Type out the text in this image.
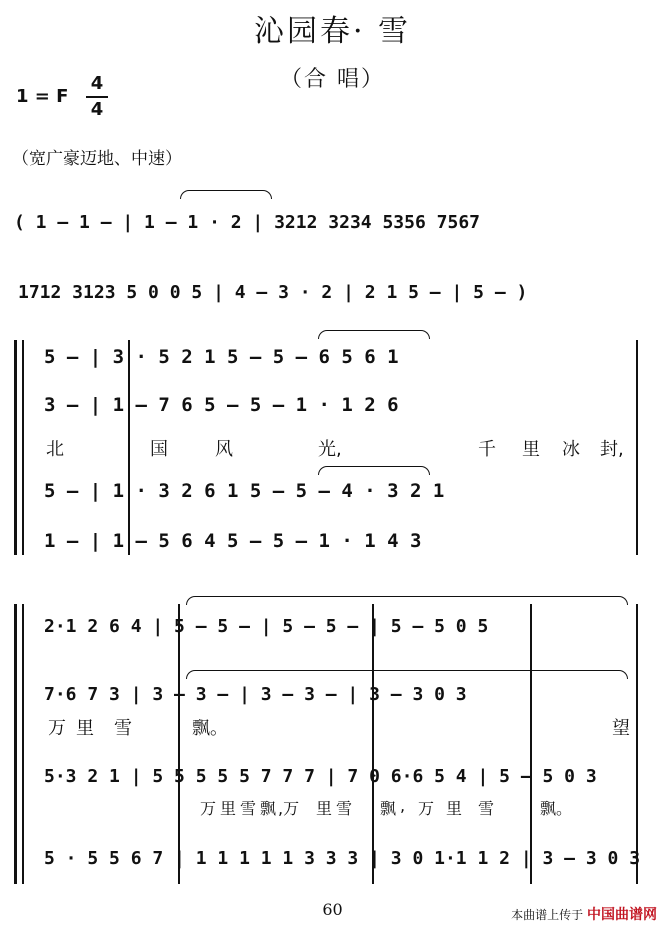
沁园春· 雪
（合 唱）
1 = F
4
4
（宽广豪迈地、中速）
( 1 – 1 – | 1 – 1 · 2 | 3212 3234 5356 7567
1712 3123 5 0 0 5 | 4 – 3 · 2 | 2 1 5 – | 5 – )
5 – | 3 · 5 2 1 5 – 5 – 6 5 6 1
3 – | 1 – 7 6 5 – 5 – 1 · 1 2 6
北	国	风	光,	千 里 冰 封,
5 – | 1 · 3 2 6 1 5 – 5 – 4 · 3 2 1
1 – | 1 – 5 6 4 5 – 5 – 1 · 1 4 3
2·1 2 6 4 | 5 – 5 – | 5 – 5 – | 5 – 5 0 5
7·6 7 3 | 3 – 3 – | 3 – 3 – | 3 – 3 0 3
万 里 雪	飘。	望
5·3 2 1 | 5 5 5 5 5 7 7 7 | 7 0 6·6 5 4 | 5 – 5 0 3
万 里 雪 飘 ,万 里 雪 飘 , 万 里 雪	飘。
5 · 5 5 6 7 | 1 1 1 1 1 3 3 3 | 3 0 1·1 1 2 | 3 – 3 0 3
60	本曲谱上传于 中国曲谱网
